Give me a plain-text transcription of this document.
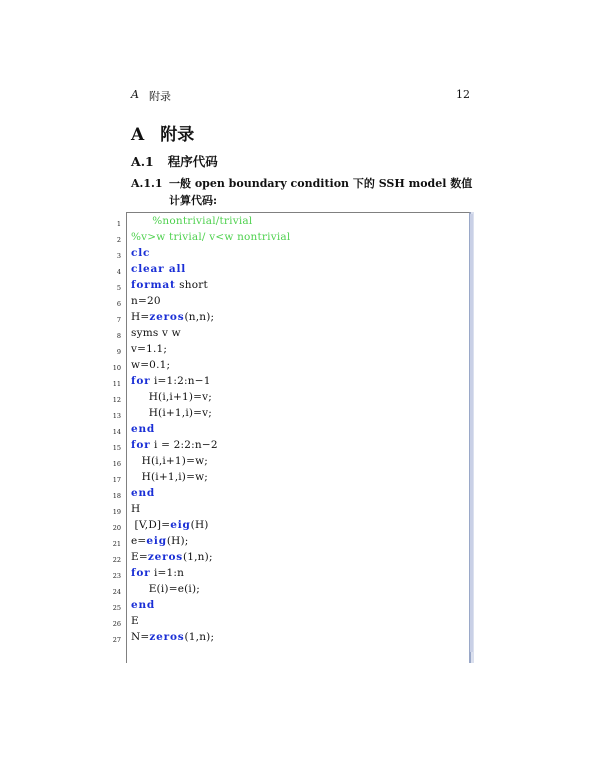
A 附录	12
A 附录
A.1 程序代码
A.1.1 一般 open boundary condition 下的 SSH model 数值计算代码:
1 %nontrivial/trivial
2 %v>w trivial/ v<w nontrivial
3 clc
4 clear all
5 format short
6 n=20
7 H=zeros(n,n);
8 syms v w
9 v=1.1;
10 w=0.1;
11 for i=1:2:n−1
12 H(i,i+1)=v;
13 H(i+1,i)=v;
14 end
15 for i = 2:2:n−2
16 H(i,i+1)=w;
17 H(i+1,i)=w;
18 end
19 H
20 [V,D]=eig(H)
21 e=eig(H);
22 E=zeros(1,n);
23 for i=1:n
24 E(i)=e(i);
25 end
26 E
27 N=zeros(1,n);
